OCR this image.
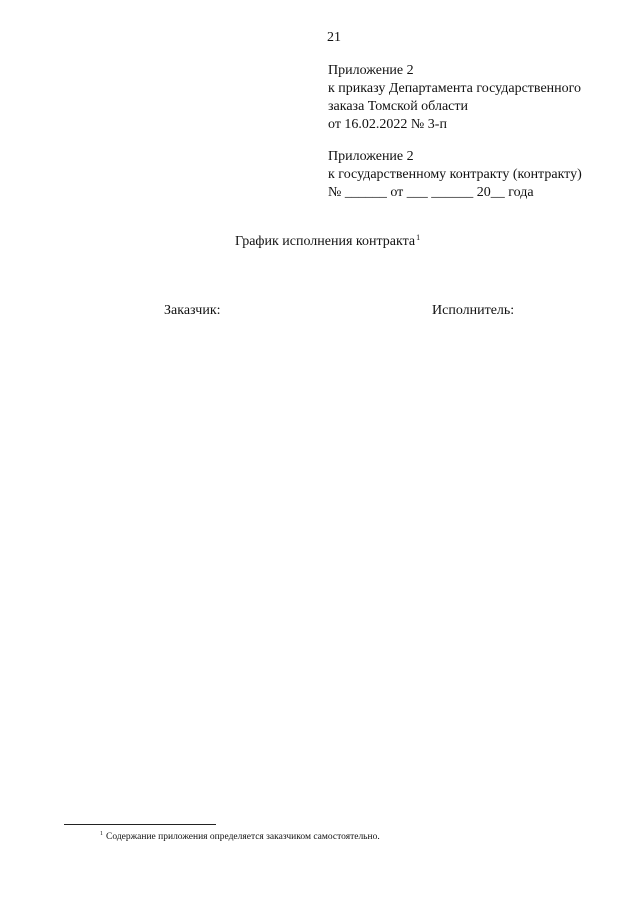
21
Приложение 2
к приказу Департамента государственного
заказа Томской области
от 16.02.2022 № 3-п
Приложение 2
к государственному контракту (контракту)
№ ______ от ___ ______ 20__ года
График исполнения контракта$^1$
Заказчик:	Исполнитель:
$^1$ Содержание приложения определяется заказчиком самостоятельно.
